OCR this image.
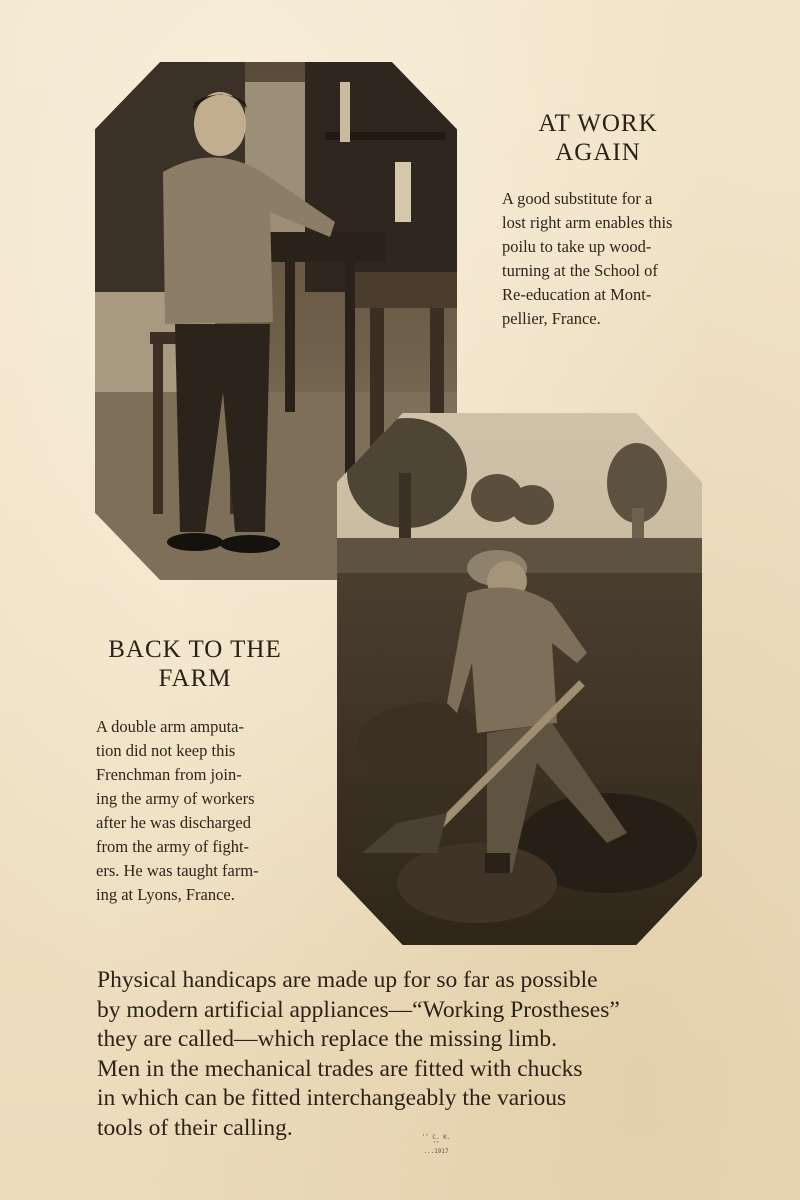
AT WORK
AGAIN
A good substitute for a
lost right arm enables this
poilu to take up wood-
turning at the School of
Re-education at Mont-
pellier, France.
BACK TO THE
FARM
A double arm amputa-
tion did not keep this
Frenchman from join-
ing the army of workers
after he was discharged
from the army of fight-
ers. He was taught farm-
ing at Lyons, France.
Physical handicaps are made up for so far as possible
by modern artificial appliances—“Working Prostheses”
they are called—which replace the missing limb.
Men in the mechanical trades are fitted with chucks
in which can be fitted interchangeably the various
tools of their calling.	‘’ C. K.
‘‘ ...1917
